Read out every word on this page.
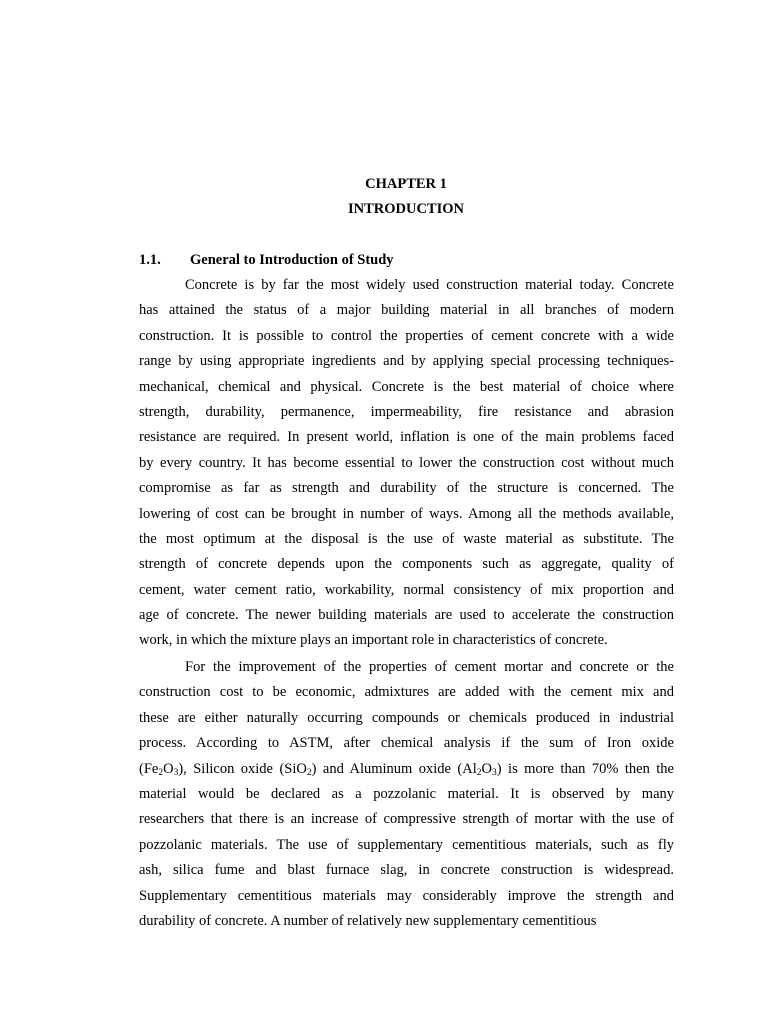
CHAPTER 1
INTRODUCTION
1.1. General to Introduction of Study
Concrete is by far the most widely used construction material today. Concrete
has attained the status of a major building material in all branches of modern
construction. It is possible to control the properties of cement concrete with a wide
range by using appropriate ingredients and by applying special processing techniques-
mechanical, chemical and physical. Concrete is the best material of choice where
strength, durability, permanence, impermeability, fire resistance and abrasion
resistance are required. In present world, inflation is one of the main problems faced
by every country. It has become essential to lower the construction cost without much
compromise as far as strength and durability of the structure is concerned. The
lowering of cost can be brought in number of ways. Among all the methods available,
the most optimum at the disposal is the use of waste material as substitute. The
strength of concrete depends upon the components such as aggregate, quality of
cement, water cement ratio, workability, normal consistency of mix proportion and
age of concrete. The newer building materials are used to accelerate the construction
work, in which the mixture plays an important role in characteristics of concrete.
For the improvement of the properties of cement mortar and concrete or the
construction cost to be economic, admixtures are added with the cement mix and
these are either naturally occurring compounds or chemicals produced in industrial
process. According to ASTM, after chemical analysis if the sum of Iron oxide
$(Fe_2O_3)$, Silicon oxide (SiO$_2$) and Aluminum oxide $(Al_2O_3)$ is more than 70% then the
material would be declared as a pozzolanic material. It is observed by many
researchers that there is an increase of compressive strength of mortar with the use of
pozzolanic materials. The use of supplementary cementitious materials, such as fly
ash, silica fume and blast furnace slag, in concrete construction is widespread.
Supplementary cementitious materials may considerably improve the strength and
durability of concrete. A number of relatively new supplementary cementitious
